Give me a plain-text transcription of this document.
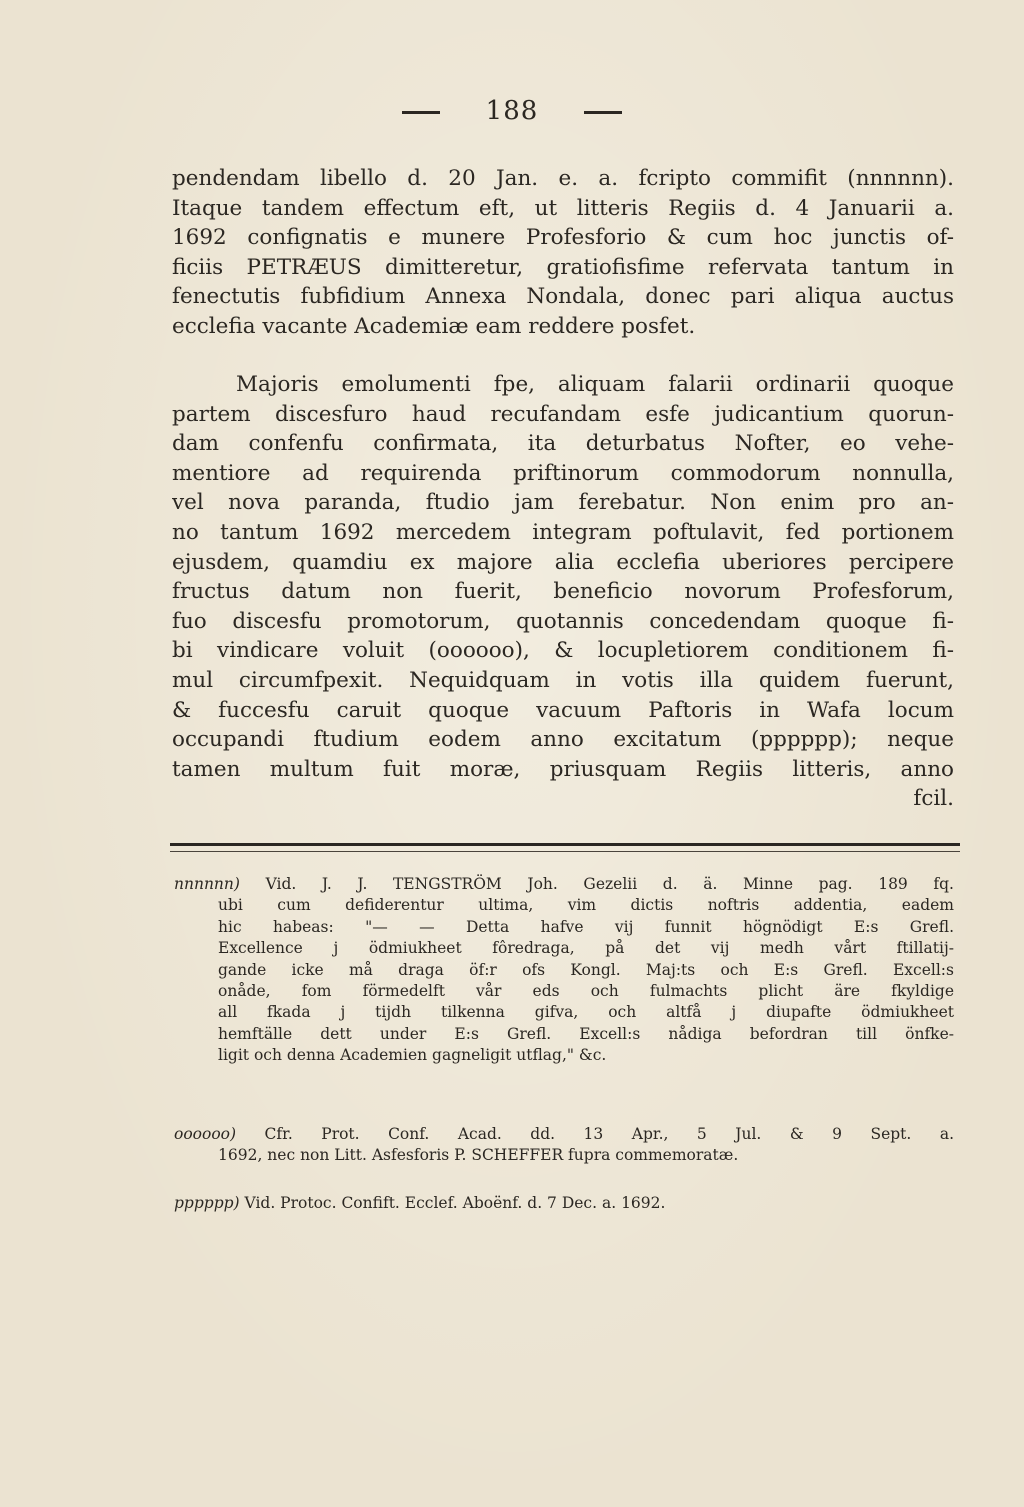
188
pendendam libello d. 20 Jan. e. a. fcripto commifit (nnnnnn).
Itaque tandem effectum eft, ut litteris Regiis d. 4 Januarii a.
1692 confignatis e munere Profesforio & cum hoc junctis of-
ficiis PETRÆUS dimitteretur, gratiofisfime refervata tantum in
fenectutis fubfidium Annexa Nondala, donec pari aliqua auctus
ecclefia vacante Academiæ eam reddere posfet.
Majoris emolumenti fpe, aliquam falarii ordinarii quoque
partem discesfuro haud recufandam esfe judicantium quorun-
dam confenfu confirmata, ita deturbatus Nofter, eo vehe-
mentiore ad requirenda priftinorum commodorum nonnulla,
vel nova paranda, ftudio jam ferebatur. Non enim pro an-
no tantum 1692 mercedem integram poftulavit, fed portionem
ejusdem, quamdiu ex majore alia ecclefia uberiores percipere
fructus datum non fuerit, beneficio novorum Profesforum,
fuo discesfu promotorum, quotannis concedendam quoque fi-
bi vindicare voluit (oooooo), & locupletiorem conditionem fi-
mul circumfpexit. Nequidquam in votis illa quidem fuerunt,
& fuccesfu caruit quoque vacuum Paftoris in Wafa locum
occupandi ftudium eodem anno excitatum (pppppp); neque
tamen multum fuit moræ, priusquam Regiis litteris, anno
fcil.
nnnnnn) Vid. J. J. TENGSTRÖM Joh. Gezelii d. ä. Minne pag. 189 fq.
ubi cum defiderentur ultima, vim dictis noftris addentia, eadem
hic habeas: "— — Detta hafve vij funnit högnödigt E:s Grefl.
Excellence j ödmiukheet fôredraga, på det vij medh vårt ftillatij-
gande icke må draga öf:r ofs Kongl. Maj:ts och E:s Grefl. Excell:s
onåde, fom förmedelft vår eds och fulmachts plicht äre fkyldige
all fkada j tijdh tilkenna gifva, och altfå j diupafte ödmiukheet
hemftälle dett under E:s Grefl. Excell:s nådiga befordran till önfke-
ligit och denna Academien gagneligit utflag," &c.
oooooo) Cfr. Prot. Conf. Acad. dd. 13 Apr., 5 Jul. & 9 Sept. a.
1692, nec non Litt. Asfesforis P. SCHEFFER fupra commemoratæ.
pppppp) Vid. Protoc. Confift. Ecclef. Aboënf. d. 7 Dec. a. 1692.
